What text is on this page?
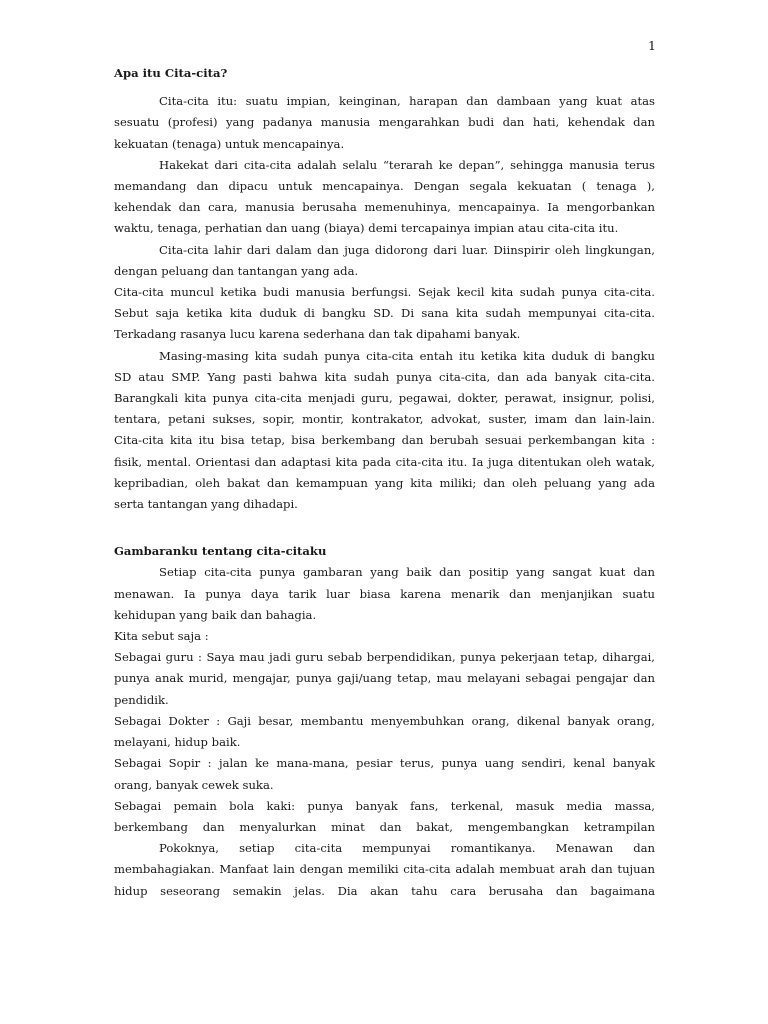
1

Apa itu Cita-cita?

Cita-cita itu: suatu impian, keinginan, harapan dan dambaan yang kuat atas
sesuatu (profesi) yang padanya manusia mengarahkan budi dan hati, kehendak dan
kekuatan (tenaga) untuk mencapainya.

Hakekat dari cita-cita adalah selalu “terarah ke depan”, sehingga manusia terus
memandang dan dipacu untuk mencapainya. Dengan segala kekuatan ( tenaga ),
kehendak dan cara, manusia berusaha memenuhinya, mencapainya. Ia mengorbankan
waktu, tenaga, perhatian dan uang (biaya) demi tercapainya impian atau cita-cita itu.

Cita-cita lahir dari dalam dan juga didorong dari luar. Diinspirir oleh lingkungan,
dengan peluang dan tantangan yang ada.

Cita-cita muncul ketika budi manusia berfungsi. Sejak kecil kita sudah punya cita-cita.
Sebut saja ketika kita duduk di bangku SD. Di sana kita sudah mempunyai cita-cita.
Terkadang rasanya lucu karena sederhana dan tak dipahami banyak.

Masing-masing kita sudah punya cita-cita entah itu ketika kita duduk di bangku
SD atau SMP. Yang pasti bahwa kita sudah punya cita-cita, dan ada banyak cita-cita.
Barangkali kita punya cita-cita menjadi guru, pegawai, dokter, perawat, insignur, polisi,
tentara, petani sukses, sopir, montir, kontrakator, advokat, suster, imam dan lain-lain.
Cita-cita kita itu bisa tetap, bisa berkembang dan berubah sesuai perkembangan kita :
fisik, mental. Orientasi dan adaptasi kita pada cita-cita itu. Ia juga ditentukan oleh watak,
kepribadian, oleh bakat dan kemampuan yang kita miliki; dan oleh peluang yang ada
serta tantangan yang dihadapi.

Gambaranku tentang cita-citaku

Setiap cita-cita punya gambaran yang baik dan positip yang sangat kuat dan
menawan. Ia punya daya tarik luar biasa karena menarik dan menjanjikan suatu
kehidupan yang baik dan bahagia.

Kita sebut saja :

Sebagai guru : Saya mau jadi guru sebab berpendidikan, punya pekerjaan tetap, dihargai,
punya anak murid, mengajar, punya gaji/uang tetap, mau melayani sebagai pengajar dan
pendidik.

Sebagai Dokter : Gaji besar, membantu menyembuhkan orang, dikenal banyak orang,
melayani, hidup baik.

Sebagai Sopir : jalan ke mana-mana, pesiar terus, punya uang sendiri, kenal banyak
orang, banyak cewek suka.

Sebagai pemain bola kaki: punya banyak fans, terkenal, masuk media massa,
berkembang dan menyalurkan minat dan bakat, mengembangkan ketrampilan

Pokoknya, setiap cita-cita mempunyai romantikanya. Menawan dan
membahagiakan. Manfaat lain dengan memiliki cita-cita adalah membuat arah dan tujuan
hidup seseorang semakin jelas. Dia akan tahu cara berusaha dan bagaimana
